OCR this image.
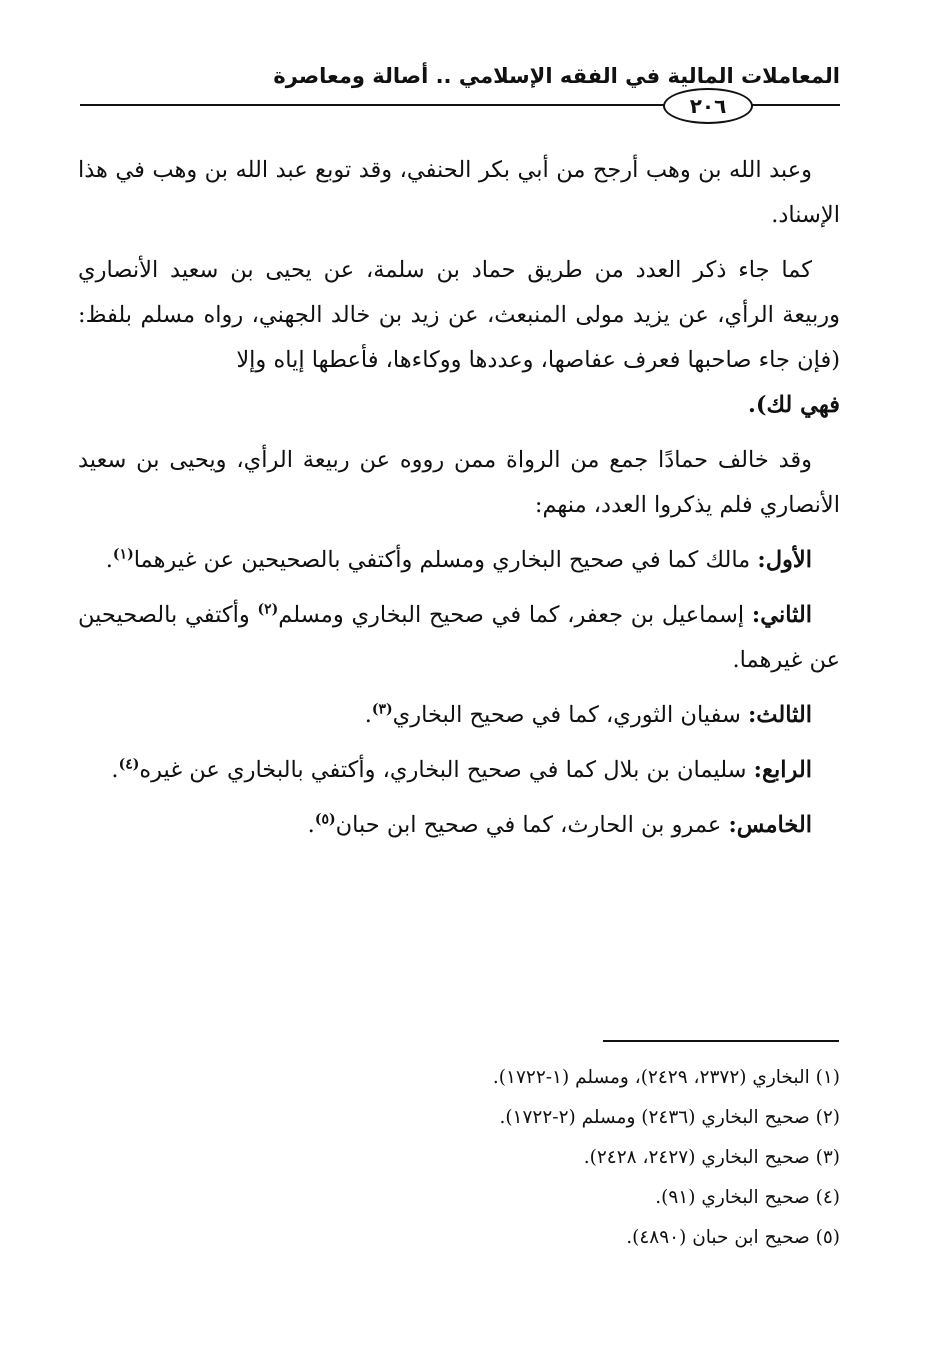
المعاملات المالية في الفقه الإسلامي .. أصالة ومعاصرة
٢٠٦

وعبد الله بن وهب أرجح من أبي بكر الحنفي، وقد توبع عبد الله بن وهب في هذا الإسناد.

كما جاء ذكر العدد من طريق حماد بن سلمة، عن يحيى بن سعيد الأنصاري وربيعة الرأي، عن يزيد مولى المنبعث، عن زيد بن خالد الجهني، رواه مسلم بلفظ: (فإن جاء صاحبها فعرف عفاصها، وعددها ووكاءها، فأعطها إياه وإلا
فهي لك).

وقد خالف حمادًا جمع من الرواة ممن رووه عن ربيعة الرأي، ويحيى بن سعيد الأنصاري فلم يذكروا العدد، منهم:

الأول: مالك كما في صحيح البخاري ومسلم وأكتفي بالصحيحين عن غيرهما$^{(١)}$.

الثاني: إسماعيل بن جعفر، كما في صحيح البخاري ومسلم$^{(٢)}$ وأكتفي بالصحيحين عن غيرهما.

الثالث: سفيان الثوري، كما في صحيح البخاري$^{(٣)}$.

الرابع: سليمان بن بلال كما في صحيح البخاري، وأكتفي بالبخاري عن غيره$^{(٤)}$.

الخامس: عمرو بن الحارث، كما في صحيح ابن حبان$^{(٥)}$.

(١) البخاري (٢٣٧٢، ٢٤٢٩)، ومسلم (١-١٧٢٢).

(٢) صحيح البخاري (٢٤٣٦) ومسلم (٢-١٧٢٢).

(٣) صحيح البخاري (٢٤٢٧، ٢٤٢٨).

(٤) صحيح البخاري (٩١).

(٥) صحيح ابن حبان (٤٨٩٠).
